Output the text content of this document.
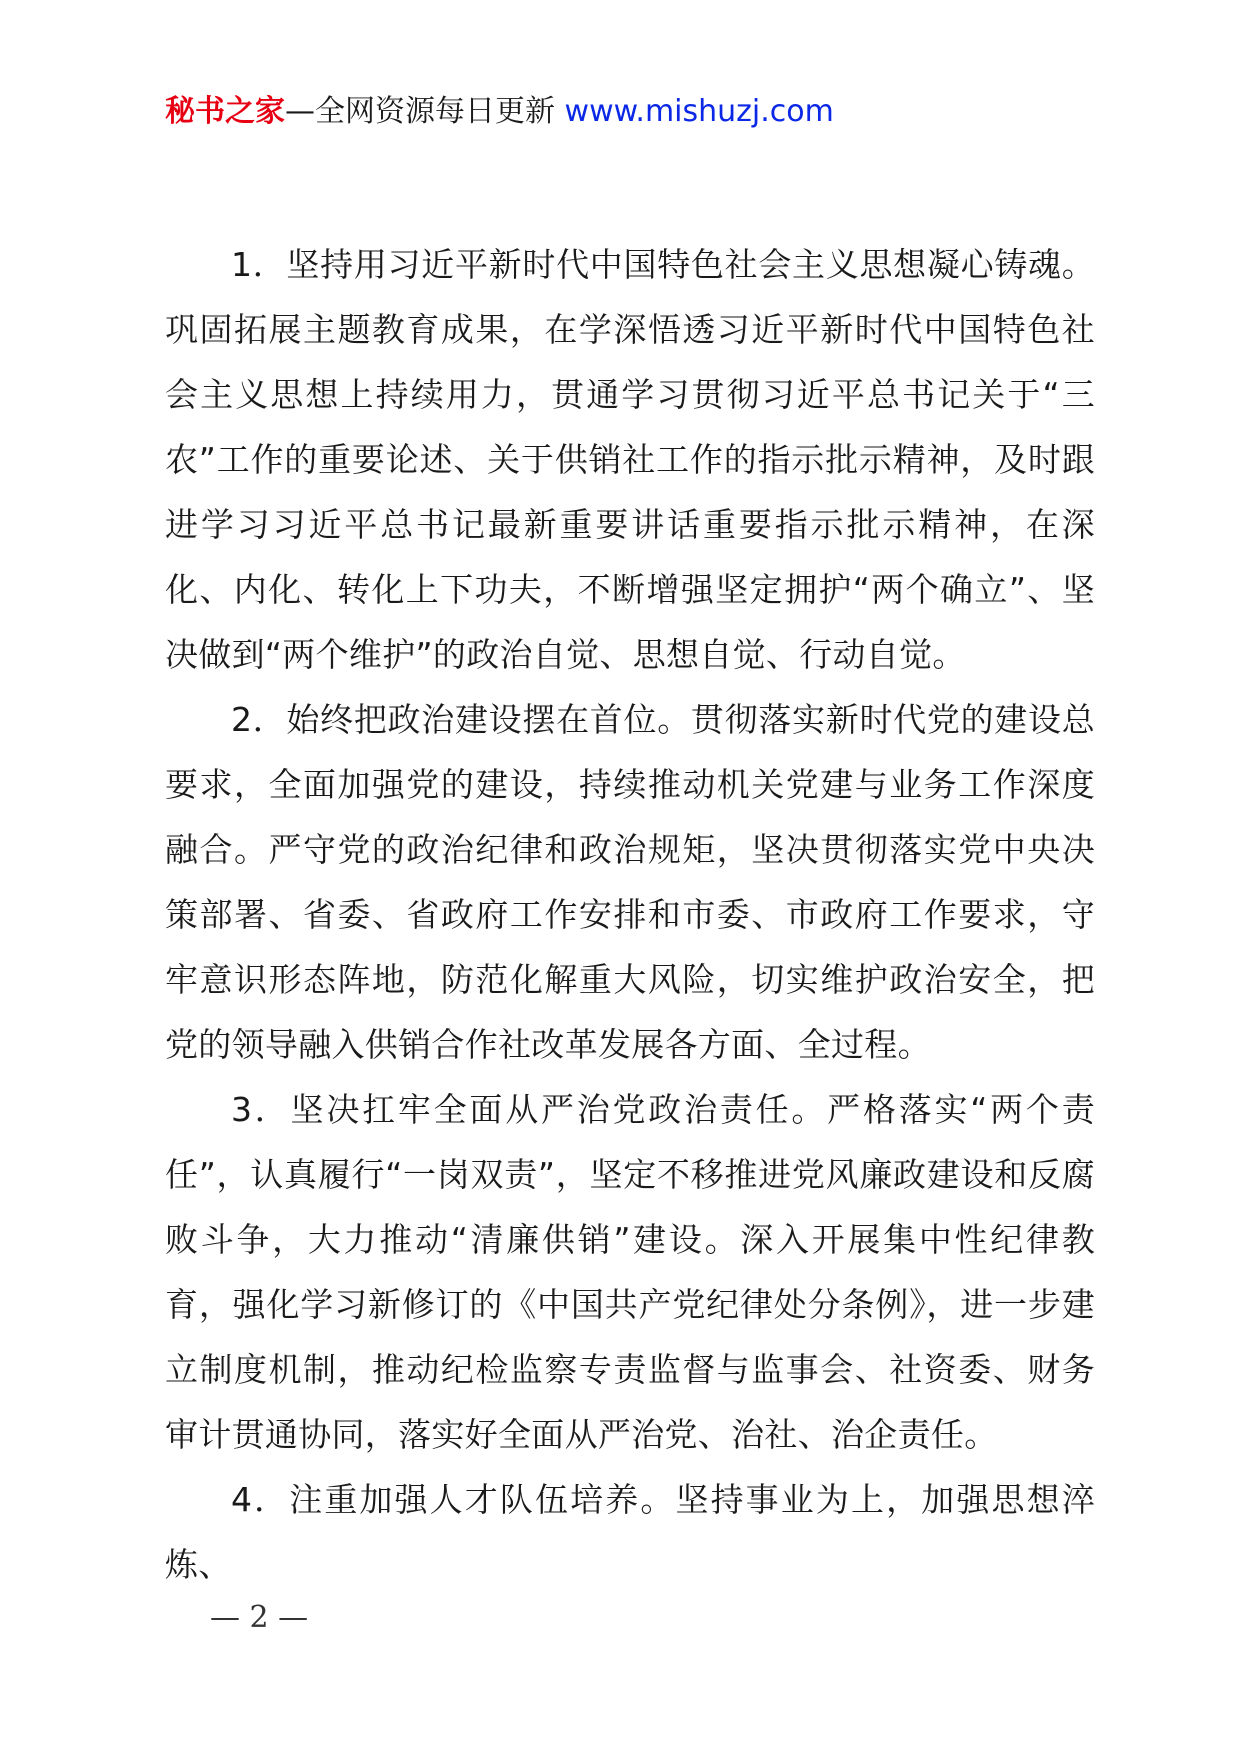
秘书之家—全网资源每日更新 www.mishuzj.com

1．坚持用习近平新时代中国特色社会主义思想凝心铸魂。巩固拓展主题教育成果，在学深悟透习近平新时代中国特色社会主义思想上持续用力，贯通学习贯彻习近平总书记关于“三农”工作的重要论述、关于供销社工作的指示批示精神，及时跟进学习习近平总书记最新重要讲话重要指示批示精神，在深化、内化、转化上下功夫，不断增强坚定拥护“两个确立”、坚决做到“两个维护”的政治自觉、思想自觉、行动自觉。

2．始终把政治建设摆在首位。贯彻落实新时代党的建设总要求，全面加强党的建设，持续推动机关党建与业务工作深度融合。严守党的政治纪律和政治规矩，坚决贯彻落实党中央决策部署、省委、省政府工作安排和市委、市政府工作要求，守牢意识形态阵地，防范化解重大风险，切实维护政治安全，把党的领导融入供销合作社改革发展各方面、全过程。

3．坚决扛牢全面从严治党政治责任。严格落实“两个责任”，认真履行“一岗双责”，坚定不移推进党风廉政建设和反腐败斗争，大力推动“清廉供销”建设。深入开展集中性纪律教育，强化学习新修订的《中国共产党纪律处分条例》，进一步建立制度机制，推动纪检监察专责监督与监事会、社资委、财务审计贯通协同，落实好全面从严治党、治社、治企责任。

4．注重加强人才队伍培养。坚持事业为上，加强思想淬炼、

— 2 —
